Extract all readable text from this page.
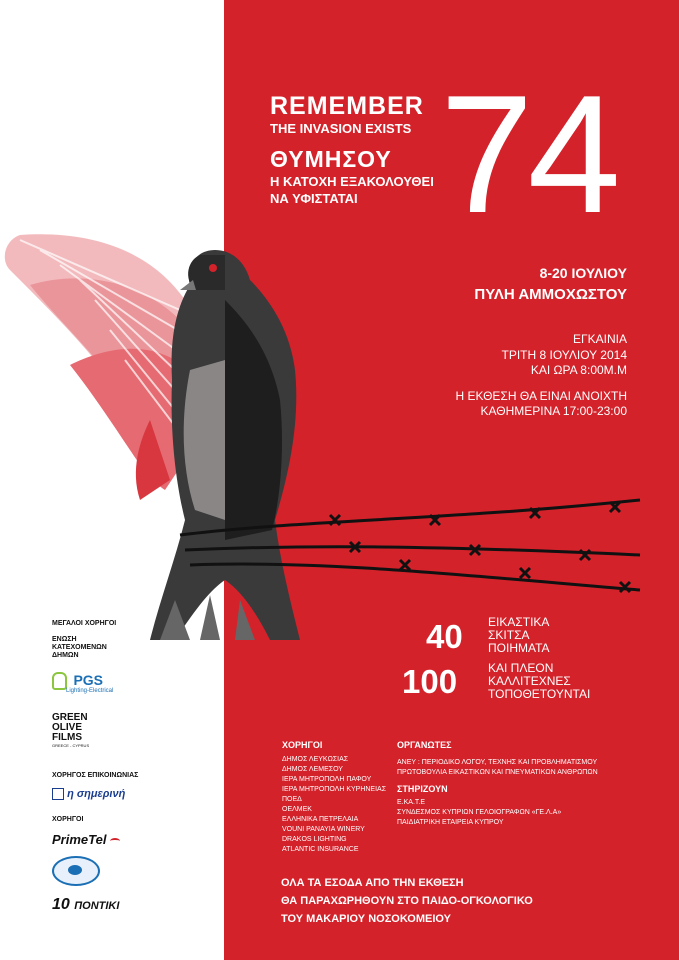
REMEMBER
THE INVASION EXISTS
ΘΥΜΗΣΟΥ
Η ΚΑΤΟΧΗ ΕΞΑΚΟΛΟΥΘΕΙ
ΝΑ ΥΦΙΣΤΑΤΑΙ 74
8-20 ΙΟΥΛΙΟΥ
ΠΥΛΗ ΑΜΜΟΧΩΣΤΟΥ
ΕΓΚΑΙΝΙΑ
ΤΡΙΤΗ 8 ΙΟΥΛΙΟΥ 2014
ΚΑΙ ΩΡΑ 8:00Μ.Μ
Η ΕΚΘΕΣΗ ΘΑ ΕΙΝΑΙ ΑΝΟΙΧΤΗ
ΚΑΘΗΜΕΡΙΝΑ 17:00-23:00
40 ΕΙΚΑΣΤΙΚΑ
ΣΚΙΤΣΑ
ΠΟΙΗΜΑΤΑ
100	ΚΑΙ ΠΛΕΟΝ
ΚΑΛΛΙΤΕΧΝΕΣ
ΤΟΠΟΘΕΤΟΥΝΤΑΙ
ΧΟΡΗΓΟΙ
ΔΗΜΟΣ ΛΕΥΚΩΣΙΑΣ
ΔΗΜΟΣ ΛΕΜΕΣΟΥ
ΙΕΡΑ ΜΗΤΡΟΠΟΛΗ ΠΑΦΟΥ
ΙΕΡΑ ΜΗΤΡΟΠΟΛΗ ΚΥΡΗΝΕΙΑΣ
ΠΟΕΔ
ΟΕΛΜΕΚ
ΕΛΛΗΝΙΚΑ ΠΕΤΡΕΛΑΙΑ
VOUNI PANAYIA WINERY
DRAKOS LIGHTING
ATLANTIC INSURANCE
ΟΡΓΑΝΩΤΕΣ
ΑΝΕΥ : ΠΕΡΙΟΔΙΚΟ ΛΟΓΟΥ, ΤΕΧΝΗΣ ΚΑΙ ΠΡΟΒΛΗΜΑΤΙΣΜΟΥ
ΠΡΩΤΟΒΟΥΛΙΑ ΕΙΚΑΣΤΙΚΩΝ ΚΑΙ ΠΝΕΥΜΑΤΙΚΩΝ ΑΝΘΡΩΠΩΝ
ΣΤΗΡΙΖΟΥΝ
Ε.ΚΑ.Τ.Ε
ΣΥΝΔΕΣΜΟΣ ΚΥΠΡΙΩΝ ΓΕΛΟΙΟΓΡΑΦΩΝ «ΓΕ.Λ.Α»
ΠΑΙΔΙΑΤΡΙΚΗ ΕΤΑΙΡΕΙΑ ΚΥΠΡΟΥ
ΟΛΑ ΤΑ ΕΣΟΔΑ ΑΠΟ ΤΗΝ ΕΚΘΕΣΗ
ΘΑ ΠΑΡΑΧΩΡΗΘΟΥΝ ΣΤΟ ΠΑΙΔΟ-ΟΓΚΟΛΟΓΙΚΟ
ΤΟΥ ΜΑΚΑΡΙΟΥ ΝΟΣΟΚΟΜΕΙΟΥ
ΜΕΓΑΛΟΙ ΧΟΡΗΓΟΙ
ΕΝΩΣΗ
ΚΑΤΕΧΟΜΕΝΩΝ
ΔΗΜΩΝ
PGS
Lighting-Electrical
GREEN
OLIVE
FILMS
GREECE - CYPRUS
ΧΟΡΗΓΟΣ ΕΠΙΚΟΙΝΩΝΙΑΣ
η σημερινή
ΧΟΡΗΓΟΙ
PrimeTel
10 ΠΟΝΤΙΚΙ
